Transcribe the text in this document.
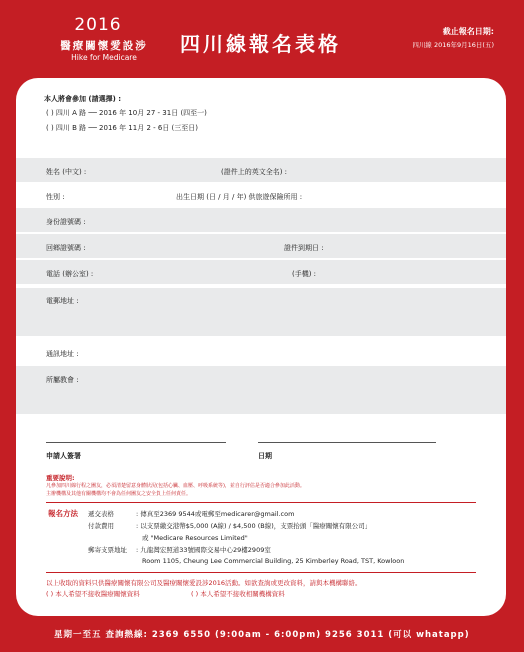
2016
醫療關懷愛設涉
Hike for Medicare
四川線報名表格
截止報名日期:
四川線 2016年9月16日(五)
本人將會參加 (請選擇) :
( ) 四川 A 路 ── 2016 年 10月 27 - 31日 (四至一)
( ) 四川 B 路 ── 2016 年 11月 2 - 6日 (三至日)
姓名 (中文) :	(證件上的英文全名) :
性別 :	出生日期 (日 / 月 / 年) 供旅遊保險所用 :
身份證號碼 :
回鄉證號碼 :	證件到期日 :
電話 (辦公室) :	(手機) :
電郵地址 :
通訊地址 :
所屬教會 :
申請人簽署	日期
重要說明:
凡參加四川線行程之團友，必須清楚留意身體狀況(包括心臟、血壓、呼吸系統等)，並自行評估是否適合參加此活動。
主辦機構及其他有關機構均不會為任何團友之安全負上任何責任。
報名方法 遞交表格	: 傳真至2369 9544或電郵至medicarer@gmail.com
付款費用	: 以支票繳交港幣$5,000 (A線) / $4,500 (B線)，支票抬頭「醫療關懷有限公司」
或 "Medicare Resources Limited"
郵寄支票地址 : 九龍灣宏照道33號國際交易中心29樓2909室
Room 1105, Cheung Lee Commercial Building, 25 Kimberley Road, TST, Kowloon
以上收取的資料只供醫療關懷有限公司及醫療關懷愛設涉2016活動。如欲查詢或更改資料，請與本機構聯絡。
( ) 本人希望不接收醫療關懷資料	( ) 本人希望不接收相關機構資料
星期一至五 查詢熱線: 2369 6550 (9:00am - 6:00pm) 9256 3011 (可以 whatapp)
